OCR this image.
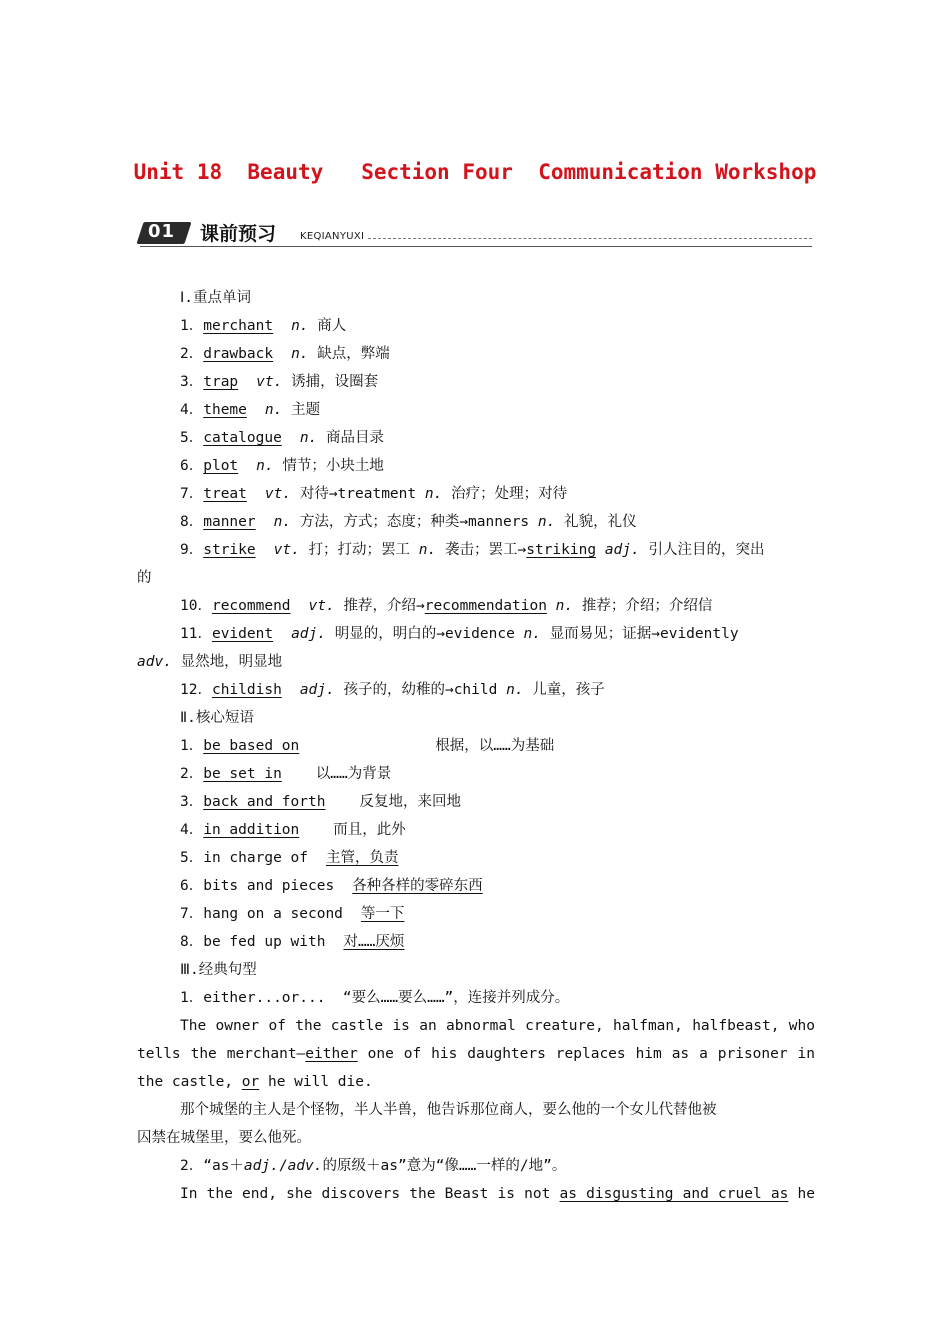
Unit 18  Beauty   Section Four  Communication Workshop
01	课前预习 KEQIANYUXI
Ⅰ.重点单词
1．merchant n. 商人
2．drawback n. 缺点，弊端
3．trap vt. 诱捕，设圈套
4．theme n. 主题
5．catalogue n. 商品目录
6．plot n. 情节；小块土地
7．treat vt. 对待→treatment n. 治疗；处理；对待
8．manner n. 方法，方式；态度；种类→manners n. 礼貌，礼仪
9．strike vt. 打；打动；罢工 n. 袭击；罢工→striking adj. 引人注目的，突出
的
10．recommend vt. 推荐，介绍→recommendation n. 推荐；介绍；介绍信
11．evident adj. 明显的，明白的→evidence n. 显而易见；证据→evidently
adv. 显然地，明显地
12．childish adj. 孩子的，幼稚的→child n. 儿童，孩子
Ⅱ.核心短语
1．be based on	根据，以……为基础
2．be set in 以……为背景
3．back and forth 反复地，来回地
4．in addition 而且，此外
5．in charge of 主管，负责
6．bits and pieces 各种各样的零碎东西
7．hang on a second 等一下
8．be fed up with 对……厌烦
Ⅲ.经典句型
1．either...or...  “要么……要么……”，连接并列成分。
The owner of the castle is an abnormal creature, halfman, halfbeast, who
tells the merchant—either one of his daughters replaces him as a prisoner in
the castle, or he will die.
那个城堡的主人是个怪物，半人半兽，他告诉那位商人，要么他的一个女儿代替他被
囚禁在城堡里，要么他死。
2．“as＋adj./adv.的原级＋as”意为“像……一样的/地”。
In the end, she discovers the Beast is not as disgusting and cruel as he
